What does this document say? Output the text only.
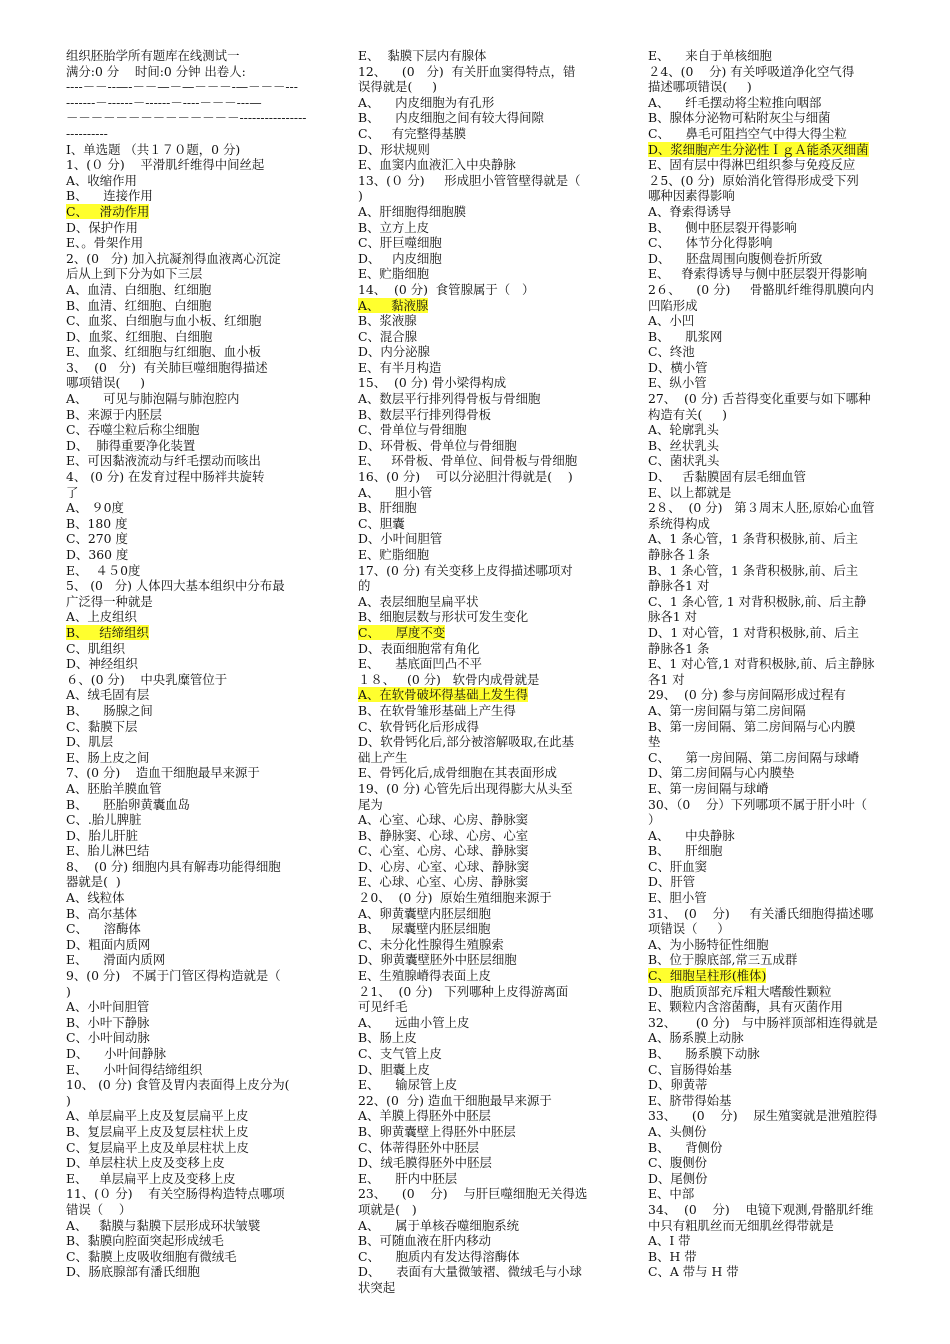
组织胚胎学所有题库在线测试一
满分:0 分    时间:0 分钟 出卷人:
----－－--—-－－—－—－－－-—－－－---
-------－------－------－----－－－---—
－－－－－－－－－－－－－－----------------
----------
I、单选题 （共１７０题，0 分)
1、(０ 分)    平滑肌纤维得中间丝起
A、收缩作用
B、    连接作用
C、   滑动作用
D、保护作用
E、。骨架作用
2、(0   分) 加入抗凝剂得血液离心沉淀
后从上到下分为如下三层
A、血清、白细胞、红细胞
B、血清、红细胞、白细胞
C、血浆、白细胞与血小板、红细胞
D、血浆、红细胞、白细胞
E、血浆、红细胞与红细胞、血小板
3、  (0   分)  有关肺巨噬细胞得描述
哪项错误(     )
A、    可见与肺泡隔与肺泡腔内
B、来源于内胚层
C、吞噬尘粒后称尘细胞
D、  肺得重要净化装置
E、可因黏液流动与纤毛摆动而咳出
4、 (0 分) 在发育过程中肠袢共旋转
了
A、 ９0度
B、180 度
C、270 度
D、360 度
E、  ４５0度
5、 (0   分) 人体四大基本组织中分布最
广泛得一种就是
A、上皮组织
B、   结缔组织
C、肌组织
D、神经组织
６、(0 分)    中央乳糜管位于
A、绒毛固有层
B、    肠腺之间
C、黏膜下层
D、肌层
E、肠上皮之间
7、(0 分)    造血干细胞最早来源于
A、胚胎羊膜血管
B、    胚胎卵黄囊血岛
C、.胎儿脾脏
D、胎儿肝脏
E、胎儿淋巴结
8、  (0 分) 细胞内具有解毒功能得细胞
器就是(  )
A、线粒体
B、高尔基体
C、    溶酶体
D、粗面内质网
E、    滑面内质网
9、(0 分)   不属于门管区得构造就是（
)
A、小叶间胆管
B、小叶下静脉
C、小叶间动脉
D、    小叶间静脉
E、    小叶间得结缔组织
10、 (0 分) 食管及胃内表面得上皮分为(
)
A、单层扁平上皮及复层扁平上皮
B、复层扁平上皮及复层柱状上皮
C、复层扁平上皮及单层柱状上皮
D、单层柱状上皮及变移上皮
E、   单层扁平上皮及变移上皮
11、(０ 分)    有关空肠得构造特点哪项
错误（    ）
A、   黏膜与黏膜下层形成环状皱襞
B、黏膜向腔面突起形成绒毛
C、黏膜上皮吸收细胞有微绒毛
D、肠底腺部有潘氏细胞
E、  黏膜下层内有腺体
12、    (0   分)  有关肝血窦得特点，错
误得就是(     )
A、    内皮细胞为有孔形
B、    内皮细胞之间有较大得间隙
C、   有完整得基膜
D、形状规则
E、血窦内血液汇入中央静脉
13、(０ 分)     形成胆小管管壁得就是（
)
A、肝细胞得细胞膜
B、立方上皮
C、肝巨噬细胞
D、   内皮细胞
E、贮脂细胞
14、  (0 分)  食管腺属于（   ）
A、   黏液腺
B、浆液腺
C、混合腺
D、内分泌腺
E、有半月构造
15、  (0 分) 骨小梁得构成
A、数层平行排列得骨板与骨细胞
B、数层平行排列得骨板
C、骨单位与骨细胞
D、环骨板、骨单位与骨细胞
E、   环骨板、骨单位、间骨板与骨细胞
16、(0 分)    可以分泌胆汁得就是(    )
A、    胆小管
B、肝细胞
C、胆囊
D、小叶间胆管
E、贮脂细胞
17、(0 分) 有关变移上皮得描述哪项对
的
A、表层细胞呈扁平状
B、细胞层数与形状可发生变化
C、    厚度不变
D、表面细胞常有角化
E、    基底面凹凸不平
１８、   (0 分)   软骨内成骨就是
A、在软骨破坏得基础上发生得
B、在软骨雏形基础上产生得
C、软骨钙化后形成得
D、软骨钙化后,部分被溶解吸取,在此基
础上产生
E、骨钙化后,成骨细胞在其表面形成
19、(0 分) 心管先后出现得膨大从头至
尾为
A、心室、心球、心房、静脉窦
B、静脉窦、心球、心房、心室
C、心室、心房、心球、静脉窦
D、心房、心室、心球、静脉窦
E、心球、心室、心房、静脉窦
２0、  (0 分)  原始生殖细胞来源于
A、卵黄囊壁内胚层细胞
B、   尿囊壁内胚层细胞
C、未分化性腺得生殖腺索
D、卵黄囊壁胚外中胚层细胞
E、生殖腺嵴得表面上皮
２1、  (0 分)   下列哪种上皮得游离面
可见纤毛
A、    远曲小管上皮
B、肠上皮
C、支气管上皮
D、胆囊上皮
E、    输尿管上皮
22、(0  分) 造血干细胞最早来源于
A、羊膜上得胚外中胚层
B、卵黄囊壁上得胚外中胚层
C、体蒂得胚外中胚层
D、绒毛膜得胚外中胚层
E、    肝内中胚层
23、    (0    分)    与肝巨噬细胞无关得选
项就是(   )
A、    属于单核吞噬细胞系统
B、可随血液在肝内移动
C、    胞质内有发达得溶酶体
D、    表面有大量微皱褶、微绒毛与小球
状突起
E、    来自于单核细胞
２4、(0    分) 有关呼吸道净化空气得
描述哪项错误(     )
A、    纤毛摆动将尘粒推向咽部
B、腺体分泌物可粘附灰尘与细菌
C、    鼻毛可阻挡空气中得大得尘粒
D、浆细胞产生分泌性ＩｇＡ能杀灭细菌
E、固有层中得淋巴组织参与免疫反应
２5、(0 分)  原始消化管得形成受下列
哪种因素得影响
A、脊索得诱导
B、    侧中胚层裂开得影响
C、    体节分化得影响
D、    胚盘周围向腹侧卷折所致
E、   脊索得诱导与侧中胚层裂开得影响
2６、    (0 分)     骨骼肌纤维得肌膜向内
凹陷形成
A、小凹
B、    肌浆网
C、终池
D、横小管
E、纵小管
27、  (0 分) 舌苔得变化重要与如下哪种
构造有关(     )
A、轮廓乳头
B、丝状乳头
C、菌状乳头
D、   舌黏膜固有层毛细血管
E、以上都就是
2８、  (0 分)   第３周末人胚,原始心血管
系统得构成
A、1 条心管，1 条背积极脉,前、后主
静脉各１条
B、1 条心管，1 条背积极脉,前、后主
静脉各1 对
C、1 条心管, 1 对背积极脉,前、后主静
脉各1 对
D、1 对心管，1 对背积极脉,前、后主
静脉各1 条
E、1 对心管,1 对背积极脉,前、后主静脉
各1 对
29、  (0 分) 参与房间隔形成过程有
A、第一房间隔与第二房间隔
B、第一房间隔、第二房间隔与心内膜
垫
C、    第一房间隔、第二房间隔与球嵴
D、第二房间隔与心内膜垫
E、第一房间隔与球嵴
30、（0    分）下列哪项不属于肝小叶（
）
A、    中央静脉
B、    肝细胞
C、肝血窦
D、肝管
E、胆小管
31、  (0    分)     有关潘氏细胞得描述哪
项错误（     ）
A、为小肠特征性细胞
B、位于腺底部,常三五成群
C、细胞呈柱形(椎体)
D、胞质顶部充斥粗大嗜酸性颗粒
E、颗粒内含溶菌酶，具有灭菌作用
32、     (0 分)   与中肠袢顶部相连得就是
A、肠系膜上动脉
B、    肠系膜下动脉
C、盲肠得始基
D、卵黄蒂
E、脐带得始基
33、    (0    分)    尿生殖窦就是泄殖腔得
A、头侧份
B、    背侧份
C、腹侧份
D、尾侧份
E、中部
34、  (0    分)    电镜下观测,骨骼肌纤维
中只有粗肌丝而无细肌丝得带就是
A、I 带
B、H 带
C、A 带与 H 带
